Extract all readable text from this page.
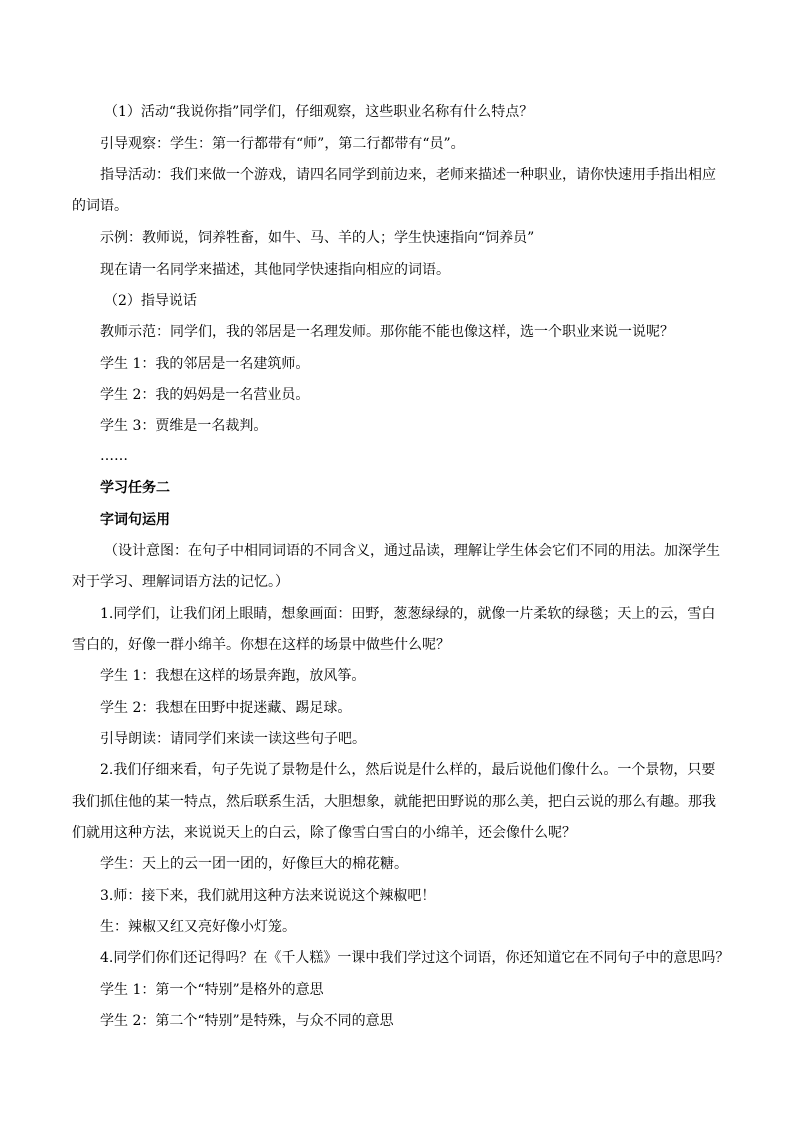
（1）活动“我说你指”同学们，仔细观察，这些职业名称有什么特点？
引导观察：学生：第一行都带有“师”，第二行都带有“员”。
指导活动：我们来做一个游戏，请四名同学到前边来，老师来描述一种职业，请你快速用手指出相应
的词语。
示例：教师说，饲养牲畜，如牛、马、羊的人；学生快速指向“饲养员”
现在请一名同学来描述，其他同学快速指向相应的词语。
（2）指导说话
教师示范：同学们，我的邻居是一名理发师。那你能不能也像这样，选一个职业来说一说呢？
学生 1：我的邻居是一名建筑师。
学生 2：我的妈妈是一名营业员。
学生 3：贾维是一名裁判。
……
学习任务二
字词句运用
（设计意图：在句子中相同词语的不同含义，通过品读，理解让学生体会它们不同的用法。加深学生
对于学习、理解词语方法的记忆。）
1.同学们，让我们闭上眼睛，想象画面：田野，葱葱绿绿的，就像一片柔软的绿毯；天上的云，雪白
雪白的，好像一群小绵羊。你想在这样的场景中做些什么呢？
学生 1：我想在这样的场景奔跑，放风筝。
学生 2：我想在田野中捉迷藏、踢足球。
引导朗读：请同学们来读一读这些句子吧。
2.我们仔细来看，句子先说了景物是什么，然后说是什么样的，最后说他们像什么。一个景物，只要
我们抓住他的某一特点，然后联系生活，大胆想象，就能把田野说的那么美，把白云说的那么有趣。那我
们就用这种方法，来说说天上的白云，除了像雪白雪白的小绵羊，还会像什么呢？
学生：天上的云一团一团的，好像巨大的棉花糖。
3.师：接下来，我们就用这种方法来说说这个辣椒吧！
生：辣椒又红又亮好像小灯笼。
4.同学们你们还记得吗？在《千人糕》一课中我们学过这个词语，你还知道它在不同句子中的意思吗？
学生 1：第一个“特别”是格外的意思
学生 2：第二个“特别”是特殊，与众不同的意思
